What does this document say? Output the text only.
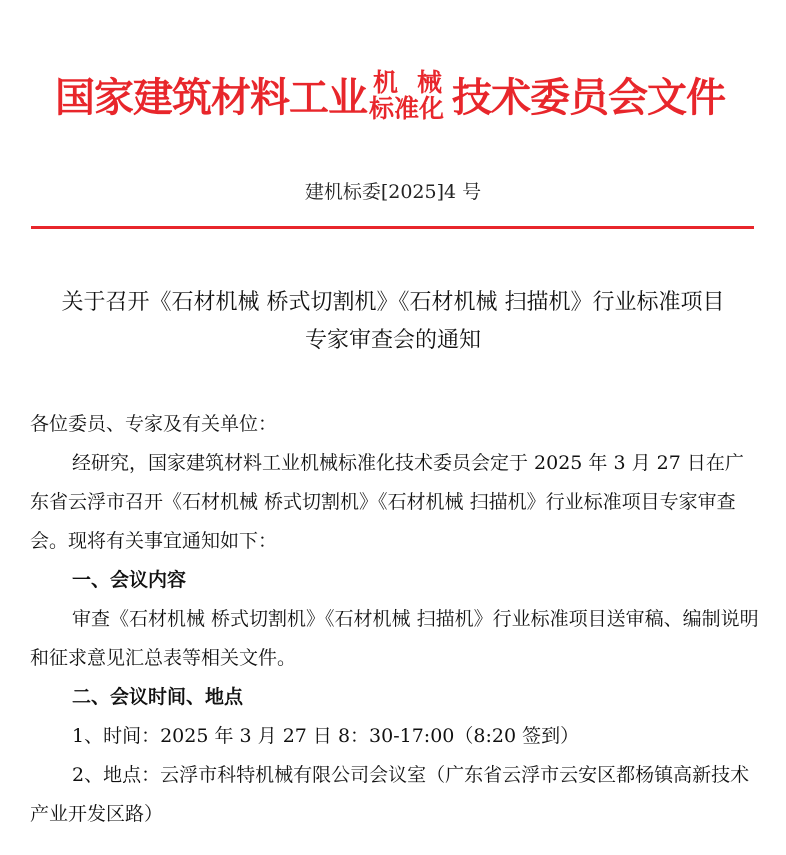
国家建筑材料工业 机 械
标准化 技术委员会文件
建机标委[2025]4 号
关于召开《石材机械 桥式切割机》《石材机械 扫描机》行业标准项目
专家审查会的通知

各位委员、专家及有关单位：

经研究，国家建筑材料工业机械标准化技术委员会定于 2025 年 3 月 27 日在广东省云浮市召开《石材机械 桥式切割机》《石材机械 扫描机》行业标准项目专家审查会。现将有关事宜通知如下：

一、会议内容

审查《石材机械 桥式切割机》《石材机械 扫描机》行业标准项目送审稿、编制说明和征求意见汇总表等相关文件。

二、会议时间、地点

1、时间：2025 年 3 月 27 日 8：30-17:00（8:20 签到）

2、地点：云浮市科特机械有限公司会议室（广东省云浮市云安区都杨镇高新技术产业开发区路）
